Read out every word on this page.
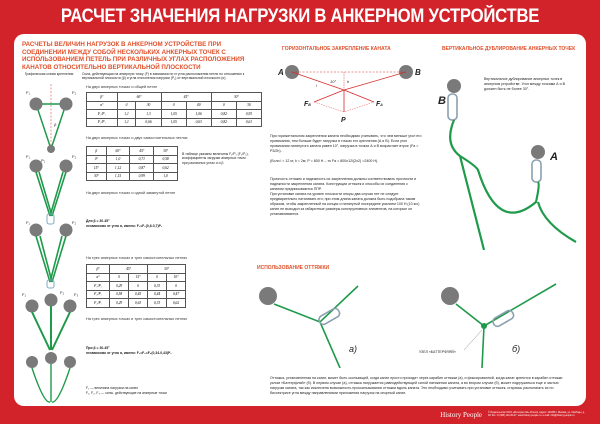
РАСЧЕТ ЗНАЧЕНИЯ НАГРУЗКИ В АНКЕРНОМ УСТРОЙСТВЕ
РАСЧЕТЫ ВЕЛИЧИН НАГРУЗОК В АНКЕРНОМ УСТРОЙСТВЕ ПРИ СОЕДИНЕНИИ МЕЖДУ СОБОЙ НЕСКОЛЬКИХ АНКЕРНЫХ ТОЧЕК С ИСПОЛЬЗОВАНИЕМ ПЕТЕЛЬ ПРИ РАЗЛИЧНЫХ УГЛАХ РАСПОЛОЖЕНИЯ КАНАТОВ ОТНОСИТЕЛЬНО ВЕРТИКАЛЬНОЙ ПЛОСКОСТИ
Графическая схема крепления	Сила, действующая на анкерную точку (F) в зависимости от угла расположения петли по отношению к вертикальной плоскости (β) и угла отклонения нагрузки (P₁) от вертикальной плоскости (α)
F₁	F₂
β
F₁	F₂
P₁
F₁	F₂
F₁	F₂	F₃
На двух анкерных точках и общей петле
β°	60°		45°		30°	
α°	0	30	0	40	0	30
F₁/P₁	1,1	1,3	1,05	1,06	0,82	0,93
F₂/P₁	1,1	0,66	1,05	0,63	0,82	0,61
На двух анкерных точках и двух самостоятельных петлях
β	60°	45°	30°
0°	1,0	0,71	0,58
15°	1,12	0,87	0,62
30°	1,15	0,99	1,0
В таблице указаны величины F₁/P₁ (F₂/P₁), коэффициенты загрузки анкерных точек при различных углах α и β
На двух анкерных точках и одной замкнутой петле
Для β = 30-45°
независимо от угла α, имеем: F₁=F₂(0,6-0,7)P₁
На трех анкерных точках и трех самостоятельных петлях
β°	45°		30°	
α°	0	15°	0	10°
F₁/P₁	0,29	0	0,33	0
F₂/P₁	0,58	0,45	0,44	0,47
F₃/P₁	0,29	0,63	0,33	0,62
На трех анкерных точках и трех самостоятельных петлях
При β = 30-45°
независимо от угла α, имеем: F₁=F₂=F₃(0,34-0,43)P₁
F₁ — величина нагрузки на канат
F₁, F₂, F₃ — силы, действующие на анкерные точки
ГОРИЗОНТАЛЬНОЕ ЗАКРЕПЛЕНИЕ КАНАТА
A	B
10°	h
l
FB	FA
P
При горизонтальном закреплении каната необходимо учитывать, что чем меньше угол его провисания, тем больше будет нагрузка в точках его крепления (А и В). Если угол провисания натянутого каната равен 10°, нагрузка в точках А и В возрастает втрое (Fа = P3/2h).
(Если l = 12 м; h = 2м; P = 800 H – то Fа = 800х12/(2х2) =2400 Н).
Прочность оттяжек и надежность их закрепления должны соответствовать прочности и надежности закрепления каната. Конструкции оттяжек и способы их соединения с канатом предписываются ППР.
При установке каната на уровне плоскости опоры два случая нет не следует предварительно натягивать его; при этом длина каната должна быть подобрана таким образом, чтобы закрепленный на концах и натянутый посередине усилием 100 Н (10 кгс) канат не выходил за габаритные размеры конструктивных элементов, на которые он устанавливается.
ВЕРТИКАЛЬНОЕ ДУБЛИРОВАНИЕ АНКЕРНЫХ ТОЧЕК
Вертикальное дублирование анкерных точек в анкерном устройстве. Угол между точками А и В должен быть не более 30°.
B
A
ИСПОЛЬЗОВАНИЕ ОТТЯЖКИ
а)	УЗЕЛ «БАТТЕРФЛЯЙ»	б)
Оттяжка, установленная на канат, может быть скользящей, когда канат просто проходит через карабин оттяжки (а), и фиксированной, когда канат крепится в карабин оттяжки узлом «Баттерфляй» (б). В первом случае (а), оттяжка нагружается равнодействующей силой натяжения каната, а во втором случае (б), может подгружаться еще и частью нагрузки каната, так как исключена возможность проскальзывания оттяжки вдоль каната. Это необходимо учитывать при установке оттяжек, стараясь располагать их по биссектрисе угла между направлениями приложения нагрузок на опорный канат.
History People	© Издательство ООО «Интеграл-Эл» Россия, Адрес: 123456 г. Москва, ул. Свободы, д. 48 Тел.: 8 (495) 123-45-67, www.history-people.ru, e-mail: info@history-people.ru
